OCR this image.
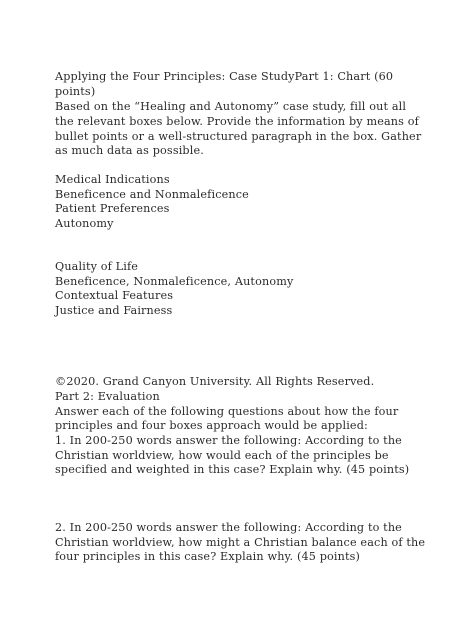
Applying the Four Principles: Case StudyPart 1: Chart (60
points)
Based on the “Healing and Autonomy” case study, fill out all
the relevant boxes below. Provide the information by means of
bullet points or a well-structured paragraph in the box. Gather
as much data as possible.
Medical Indications
Beneficence and Nonmaleficence
Patient Preferences
Autonomy
Quality of Life
Beneficence, Nonmaleficence, Autonomy
Contextual Features
Justice and Fairness
©2020. Grand Canyon University. All Rights Reserved.
Part 2: Evaluation
Answer each of the following questions about how the four
principles and four boxes approach would be applied:
1. In 200-250 words answer the following: According to the
Christian worldview, how would each of the principles be
specified and weighted in this case? Explain why. (45 points)
2. In 200-250 words answer the following: According to the
Christian worldview, how might a Christian balance each of the
four principles in this case? Explain why. (45 points)
